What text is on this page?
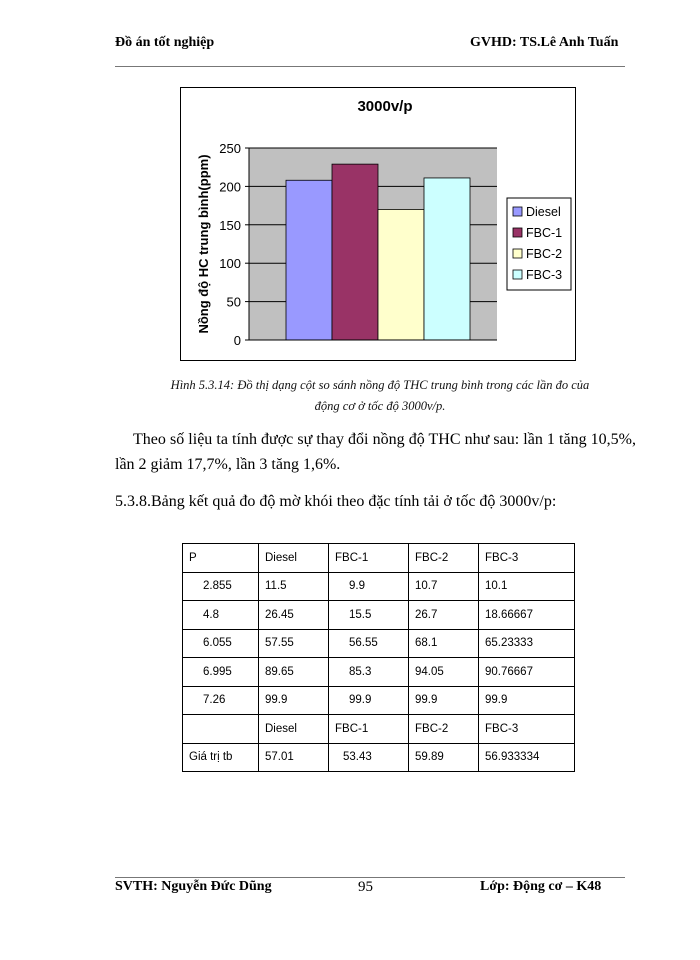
Đồ án tốt nghiệp	GVHD: TS.Lê Anh Tuấn
3000v/p
Nồng độ HC trung bình(ppm)
0
50
100
150
200
250
Diesel
FBC-1
FBC-2
FBC-3
Hình 5.3.14: Đồ thị dạng cột so sánh nồng độ THC trung bình trong các lần đo của
động cơ ở tốc độ 3000v/p.
Theo số liệu ta tính được sự thay đổi nồng độ THC như sau: lần 1 tăng 10,5%, lần 2 giảm 17,7%, lần 3 tăng 1,6%.
5.3.8.Bảng kết quả đo độ mờ khói theo đặc tính tải ở tốc độ 3000v/p:
P	Diesel	FBC-1	FBC-2	FBC-3
2.855	11.5	9.9	10.7	10.1
4.8	26.45	15.5	26.7	18.66667
6.055	57.55	56.55	68.1	65.23333
6.995	89.65	85.3	94.05	90.76667
7.26	99.9	99.9	99.9	99.9
	Diesel	FBC-1	FBC-2	FBC-3
Giá trị tb	57.01	53.43	59.89	56.933334
SVTH: Nguyễn Đức Dũng	95	Lớp: Động cơ – K48
